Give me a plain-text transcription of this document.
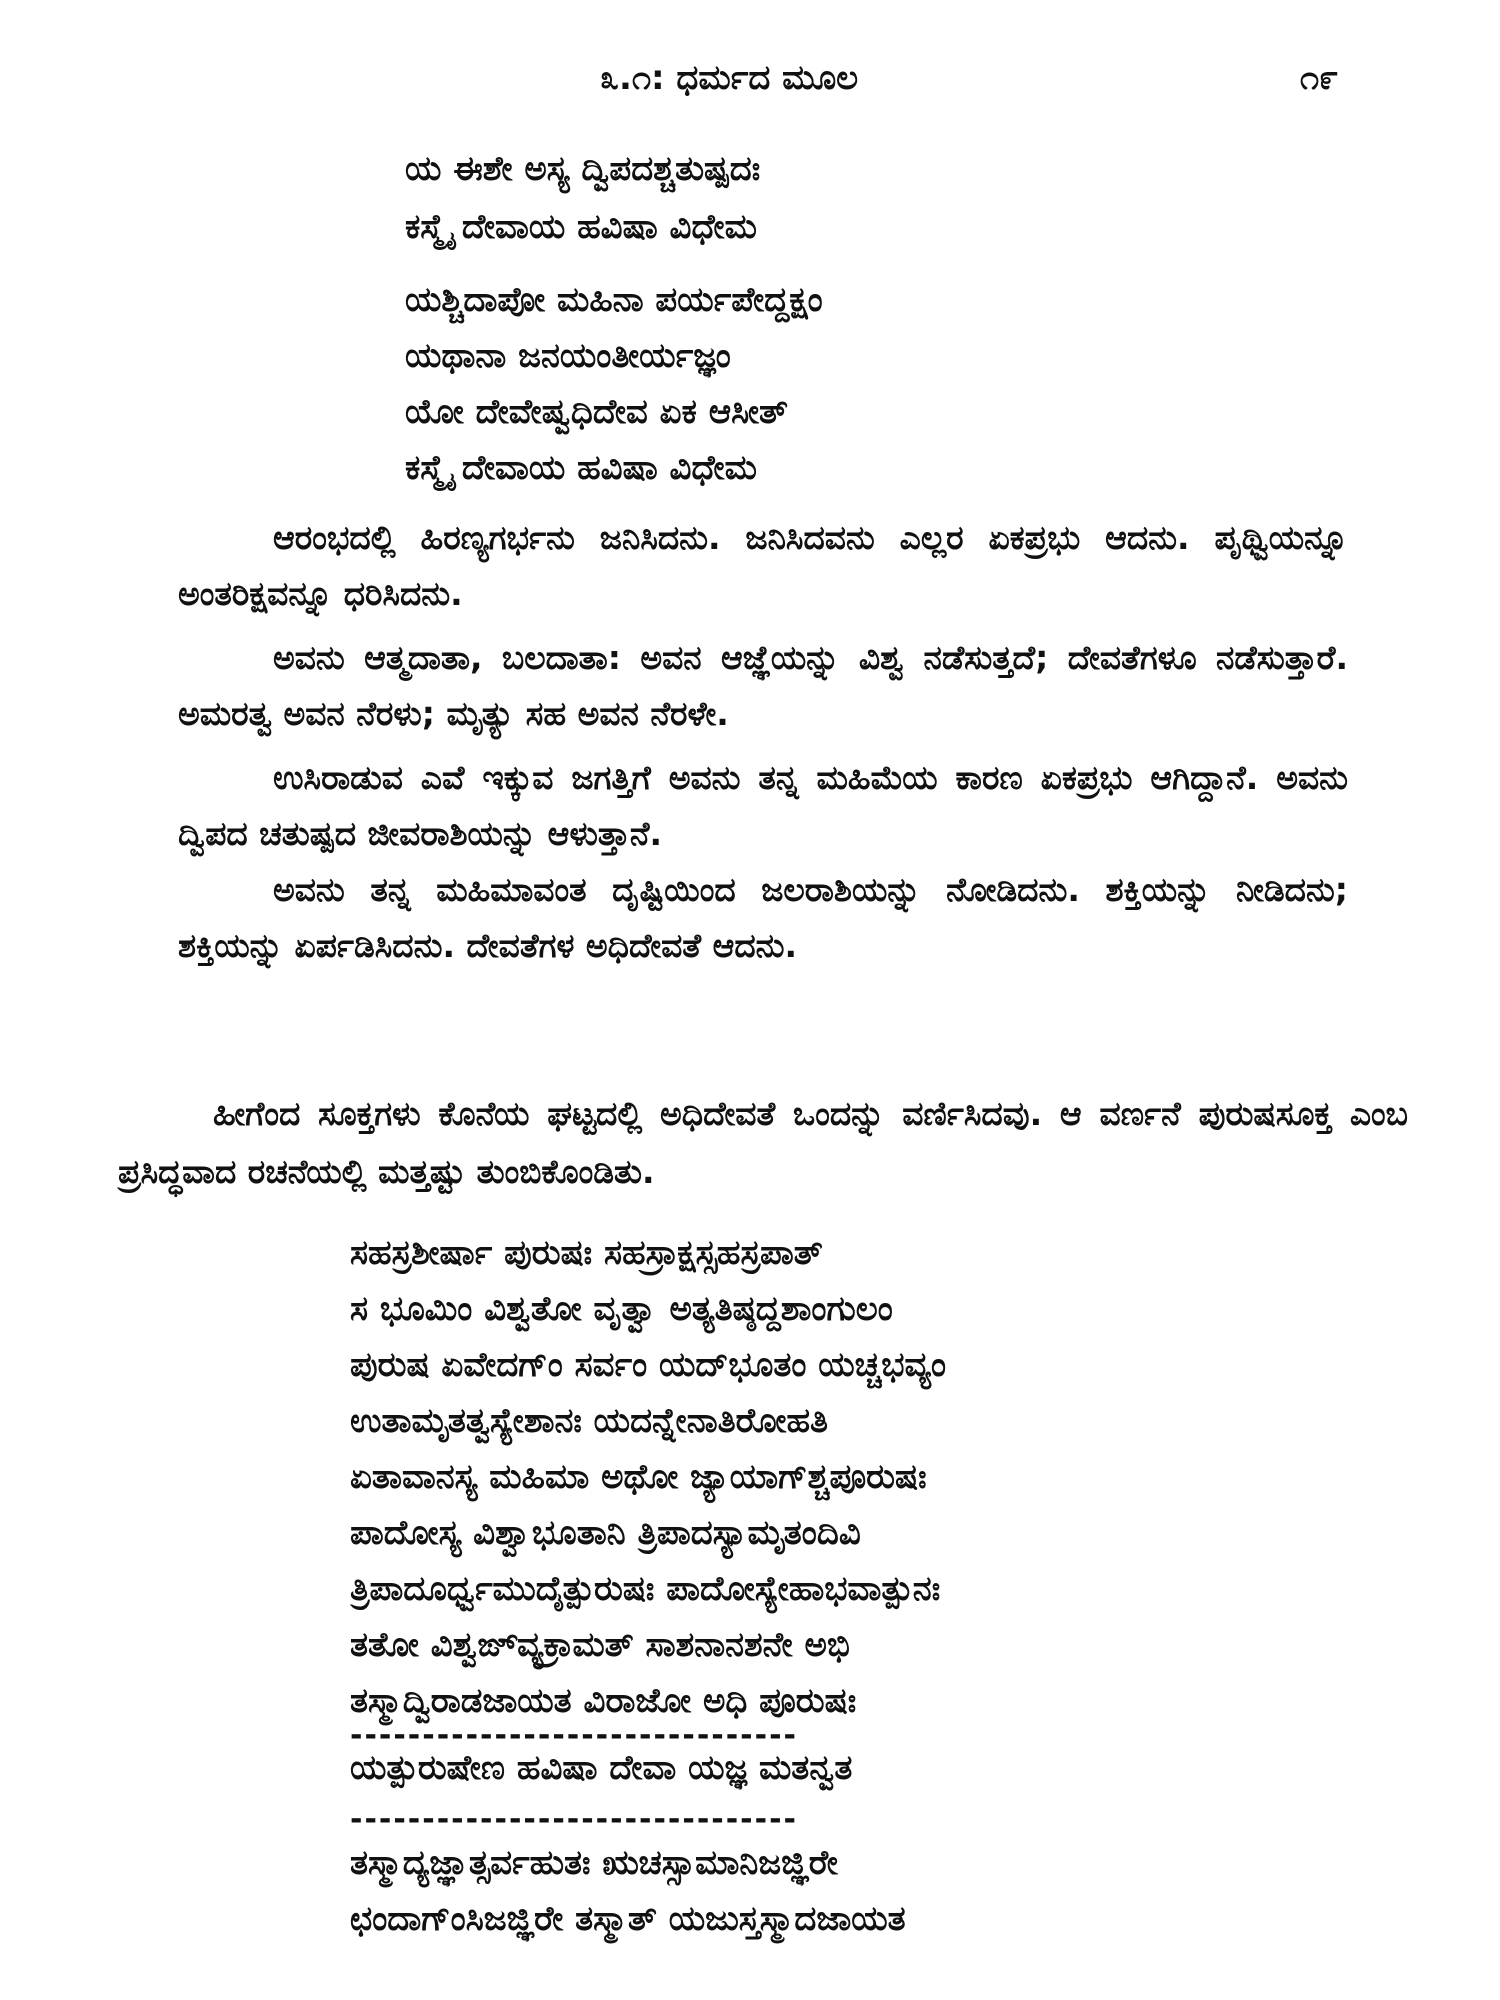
೩.೧: ಧರ್ಮದ ಮೂಲ	೧೯
ಯ ಈಶೇ ಅಸ್ಯ ದ್ವಿಪದಶ್ಚತುಷ್ಪದಃ
ಕಸ್ಮೈ ದೇವಾಯ ಹವಿಷಾ ವಿಧೇಮ
ಯಶ್ಚಿದಾಪೋ ಮಹಿನಾ ಪರ್ಯಪೇದ್ದಕ್ಷಂ
ಯಥಾನಾ ಜನಯಂತೀರ್ಯಜ್ಞಂ
ಯೋ ದೇವೇಷ್ವಧಿದೇವ ಏಕ ಆಸೀತ್
ಕಸ್ಮೈ ದೇವಾಯ ಹವಿಷಾ ವಿಧೇಮ

ಆರಂಭದಲ್ಲಿ ಹಿರಣ್ಯಗರ್ಭನು ಜನಿಸಿದನು. ಜನಿಸಿದವನು ಎಲ್ಲರ ಏಕಪ್ರಭು ಆದನು. ಪೃಥ್ವಿಯನ್ನೂ ಅಂತರಿಕ್ಷವನ್ನೂ ಧರಿಸಿದನು.

ಅವನು ಆತ್ಮದಾತಾ, ಬಲದಾತಾ: ಅವನ ಆಜ್ಞೆಯನ್ನು ವಿಶ್ವ ನಡೆಸುತ್ತದೆ; ದೇವತೆಗಳೂ ನಡೆಸುತ್ತಾರೆ. ಅಮರತ್ವ ಅವನ ನೆರಳು; ಮೃತ್ಯು ಸಹ ಅವನ ನೆರಳೇ.

ಉಸಿರಾಡುವ ಎವೆ ಇಕ್ಕುವ ಜಗತ್ತಿಗೆ ಅವನು ತನ್ನ ಮಹಿಮೆಯ ಕಾರಣ ಏಕಪ್ರಭು ಆಗಿದ್ದಾನೆ. ಅವನು ದ್ವಿಪದ ಚತುಷ್ಪದ ಜೀವರಾಶಿಯನ್ನು ಆಳುತ್ತಾನೆ.

ಅವನು ತನ್ನ ಮಹಿಮಾವಂತ ದೃಷ್ಟಿಯಿಂದ ಜಲರಾಶಿಯನ್ನು ನೋಡಿದನು. ಶಕ್ತಿಯನ್ನು ನೀಡಿದನು; ಶಕ್ತಿಯನ್ನು ಏರ್ಪಡಿಸಿದನು. ದೇವತೆಗಳ ಅಧಿದೇವತೆ ಆದನು.

ಹೀಗೆಂದ ಸೂಕ್ತಗಳು ಕೊನೆಯ ಘಟ್ಟದಲ್ಲಿ ಅಧಿದೇವತೆ ಒಂದನ್ನು ವರ್ಣಿಸಿದವು. ಆ ವರ್ಣನೆ ಪುರುಷಸೂಕ್ತ ಎಂಬ ಪ್ರಸಿದ್ಧವಾದ ರಚನೆಯಲ್ಲಿ ಮತ್ತಷ್ಟು ತುಂಬಿಕೊಂಡಿತು.

ಸಹಸ್ರಶೀರ್ಷಾ ಪುರುಷಃ ಸಹಸ್ರಾಕ್ಷಸ್ಸಹಸ್ರಪಾತ್
ಸ ಭೂಮಿಂ ವಿಶ್ವತೋ ವೃತ್ವಾ ಅತ್ಯತಿಷ್ಠದ್ದಶಾಂಗುಲಂ
ಪುರುಷ ಏವೇದಗ್ಂ ಸರ್ವಂ ಯದ್‌ಭೂತಂ ಯಚ್ಚಭವ್ಯಂ
ಉತಾಮೃತತ್ವಸ್ಯೇಶಾನಃ ಯದನ್ನೇನಾತಿರೋಹತಿ
ಏತಾವಾನಸ್ಯ ಮಹಿಮಾ ಅಥೋ ಜ್ಯಾಯಾಗ್‌ಶ್ಚಪೂರುಷಃ
ಪಾದೋಸ್ಯ ವಿಶ್ವಾಭೂತಾನಿ ತ್ರಿಪಾದಸ್ಯಾಮೃತಂದಿವಿ
ತ್ರಿಪಾದೂರ್ಧ್ವಮುದೈತ್ಪುರುಷಃ ಪಾದೋಸ್ಯೇಹಾಭವಾತ್ಪುನಃ
ತತೋ ವಿಶ್ವಙ್‌ವ್ಯಕ್ರಾಮತ್ ಸಾಶನಾನಶನೇ ಅಭಿ
ತಸ್ಮಾದ್ವಿರಾಡಜಾಯತ ವಿರಾಜೋ ಅಧಿ ಪೂರುಷಃ
-------------------------------
ಯತ್ಪುರುಷೇಣ ಹವಿಷಾ ದೇವಾ ಯಜ್ಞ ಮತನ್ವತ
-------------------------------
ತಸ್ಮಾದ್ಯಜ್ಞಾತ್ಸರ್ವಹುತಃ ಋಚಸ್ಸಾಮಾನಿಜಜ್ಞಿರೇ
ಛಂದಾಗ್‌ಂಸಿಜಜ್ಞಿರೇ ತಸ್ಮಾತ್ ಯಜುಸ್ತಸ್ಮಾದಜಾಯತ
